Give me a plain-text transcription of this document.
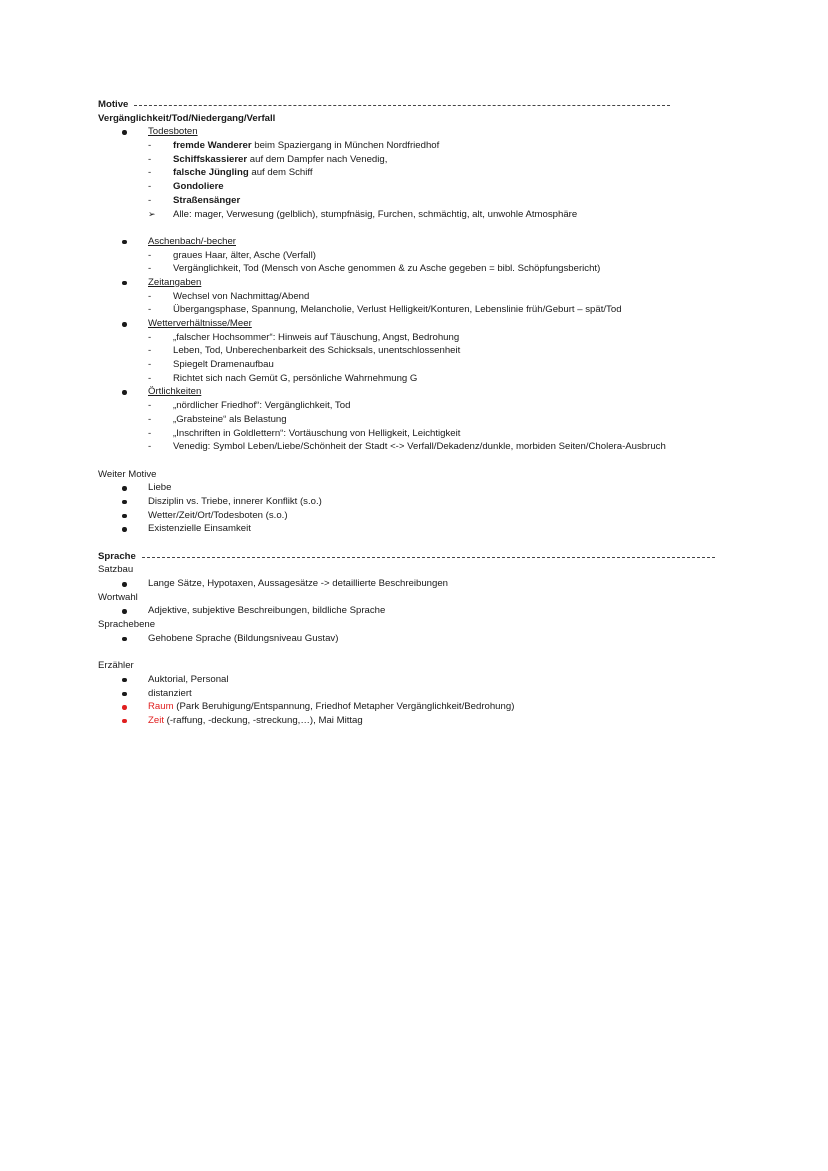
Motive
Vergänglichkeit/Tod/Niedergang/Verfall
Todesboten
- fremde Wanderer beim Spaziergang in München Nordfriedhof
- Schiffskassierer auf dem Dampfer nach Venedig,
- falsche Jüngling auf dem Schiff
- Gondoliere
- Straßensänger
➢ Alle: mager, Verwesung (gelblich), stumpfnäsig, Furchen, schmächtig, alt, unwohle Atmosphäre
Aschenbach/-becher
- graues Haar, älter, Asche (Verfall)
- Vergänglichkeit, Tod (Mensch von Asche genommen & zu Asche gegeben = bibl. Schöpfungsbericht)
Zeitangaben
- Wechsel von Nachmittag/Abend
- Übergangsphase, Spannung, Melancholie, Verlust Helligkeit/Konturen, Lebenslinie früh/Geburt – spät/Tod
Wetterverhältnisse/Meer
- „falscher Hochsommer“: Hinweis auf Täuschung, Angst, Bedrohung
- Leben, Tod, Unberechenbarkeit des Schicksals, unentschlossenheit
- Spiegelt Dramenaufbau
- Richtet sich nach Gemüt G, persönliche Wahrnehmung G
Örtlichkeiten
- „nördlicher Friedhof“: Vergänglichkeit, Tod
- „Grabsteine“ als Belastung
- „Inschriften in Goldlettern“: Vortäuschung von Helligkeit, Leichtigkeit
- Venedig: Symbol Leben/Liebe/Schönheit der Stadt <-> Verfall/Dekadenz/dunkle, morbiden Seiten/Cholera-Ausbruch
Weiter Motive
Liebe
Disziplin vs. Triebe, innerer Konflikt (s.o.)
Wetter/Zeit/Ort/Todesboten (s.o.)
Existenzielle Einsamkeit
Sprache
Satzbau
Lange Sätze, Hypotaxen, Aussagesätze -> detaillierte Beschreibungen
Wortwahl
Adjektive, subjektive Beschreibungen, bildliche Sprache
Sprachebene
Gehobene Sprache (Bildungsniveau Gustav)
Erzähler
Auktorial, Personal
distanziert
Raum (Park Beruhigung/Entspannung, Friedhof Metapher Vergänglichkeit/Bedrohung)
Zeit (-raffung, -deckung, -streckung,…), Mai Mittag
